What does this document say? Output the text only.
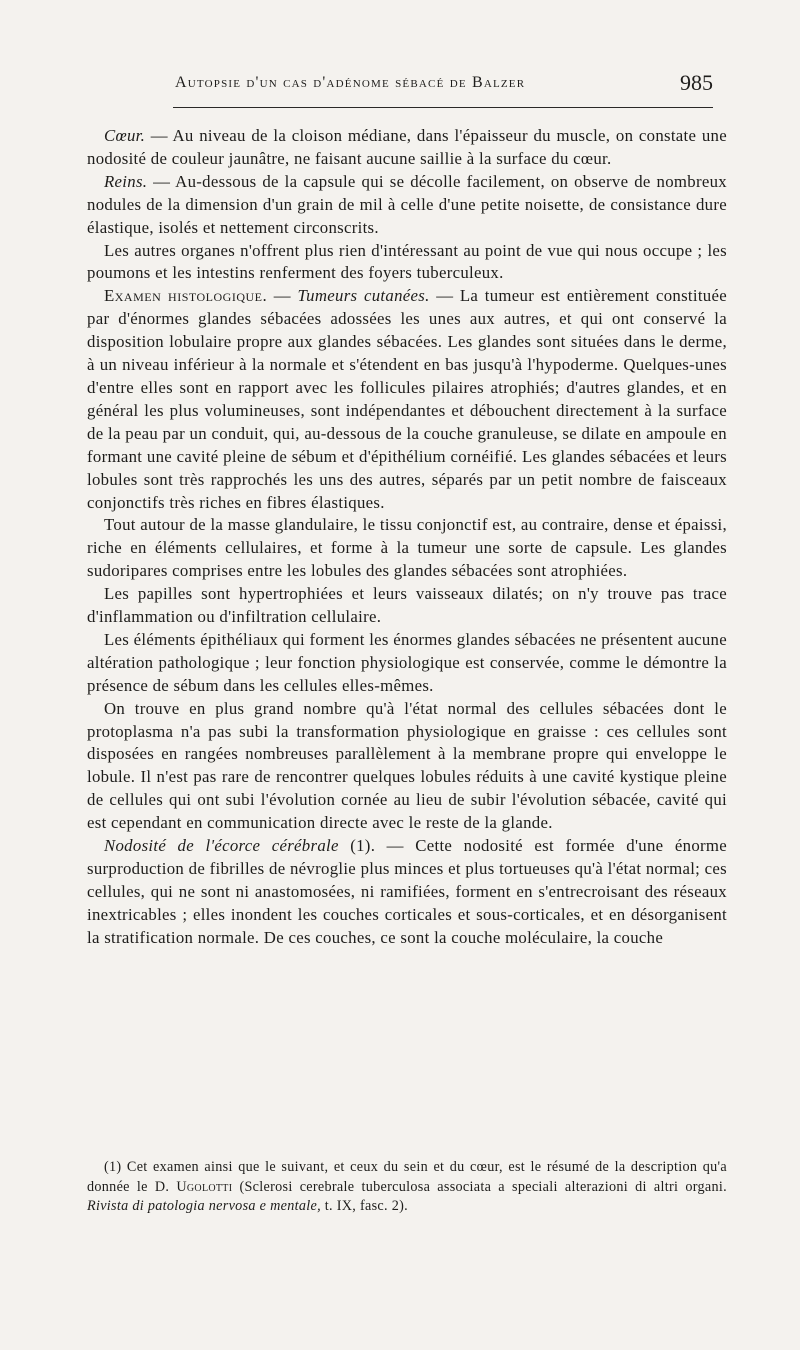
Autopsie d'un cas d'adénome sébacé de Balzer	985

Cœur. — Au niveau de la cloison médiane, dans l'épaisseur du muscle, on constate une nodosité de couleur jaunâtre, ne faisant aucune saillie à la surface du cœur.

Reins. — Au-dessous de la capsule qui se décolle facilement, on observe de nombreux nodules de la dimension d'un grain de mil à celle d'une petite noisette, de consistance dure élastique, isolés et nettement circonscrits.

Les autres organes n'offrent plus rien d'intéressant au point de vue qui nous occupe ; les poumons et les intestins renferment des foyers tuberculeux.

Examen histologique. — Tumeurs cutanées. — La tumeur est entièrement constituée par d'énormes glandes sébacées adossées les unes aux autres, et qui ont conservé la disposition lobulaire propre aux glandes sébacées. Les glandes sont situées dans le derme, à un niveau inférieur à la normale et s'étendent en bas jusqu'à l'hypoderme. Quelques-unes d'entre elles sont en rapport avec les follicules pilaires atrophiés; d'autres glandes, et en général les plus volumineuses, sont indépendantes et débouchent directement à la surface de la peau par un conduit, qui, au-dessous de la couche granuleuse, se dilate en ampoule en formant une cavité pleine de sébum et d'épithélium cornéifié. Les glandes sébacées et leurs lobules sont très rapprochés les uns des autres, séparés par un petit nombre de faisceaux conjonctifs très riches en fibres élastiques.

Tout autour de la masse glandulaire, le tissu conjonctif est, au contraire, dense et épaissi, riche en éléments cellulaires, et forme à la tumeur une sorte de capsule. Les glandes sudoripares comprises entre les lobules des glandes sébacées sont atrophiées.

Les papilles sont hypertrophiées et leurs vaisseaux dilatés; on n'y trouve pas trace d'inflammation ou d'infiltration cellulaire.

Les éléments épithéliaux qui forment les énormes glandes sébacées ne présentent aucune altération pathologique ; leur fonction physiologique est conservée, comme le démontre la présence de sébum dans les cellules elles-mêmes.

On trouve en plus grand nombre qu'à l'état normal des cellules sébacées dont le protoplasma n'a pas subi la transformation physiologique en graisse : ces cellules sont disposées en rangées nombreuses parallèlement à la membrane propre qui enveloppe le lobule. Il n'est pas rare de rencontrer quelques lobules réduits à une cavité kystique pleine de cellules qui ont subi l'évolution cornée au lieu de subir l'évolution sébacée, cavité qui est cependant en communication directe avec le reste de la glande.

Nodosité de l'écorce cérébrale (1). — Cette nodosité est formée d'une énorme surproduction de fibrilles de névroglie plus minces et plus tortueuses qu'à l'état normal; ces cellules, qui ne sont ni anastomosées, ni ramifiées, forment en s'entrecroisant des réseaux inextricables ; elles inondent les couches corticales et sous-corticales, et en désorganisent la stratification normale. De ces couches, ce sont la couche moléculaire, la couche

(1) Cet examen ainsi que le suivant, et ceux du sein et du cœur, est le résumé de la description qu'a donnée le D. Ugolotti (Sclerosi cerebrale tuberculosa associata a speciali alterazioni di altri organi. Rivista di patologia nervosa e mentale, t. IX, fasc. 2).
